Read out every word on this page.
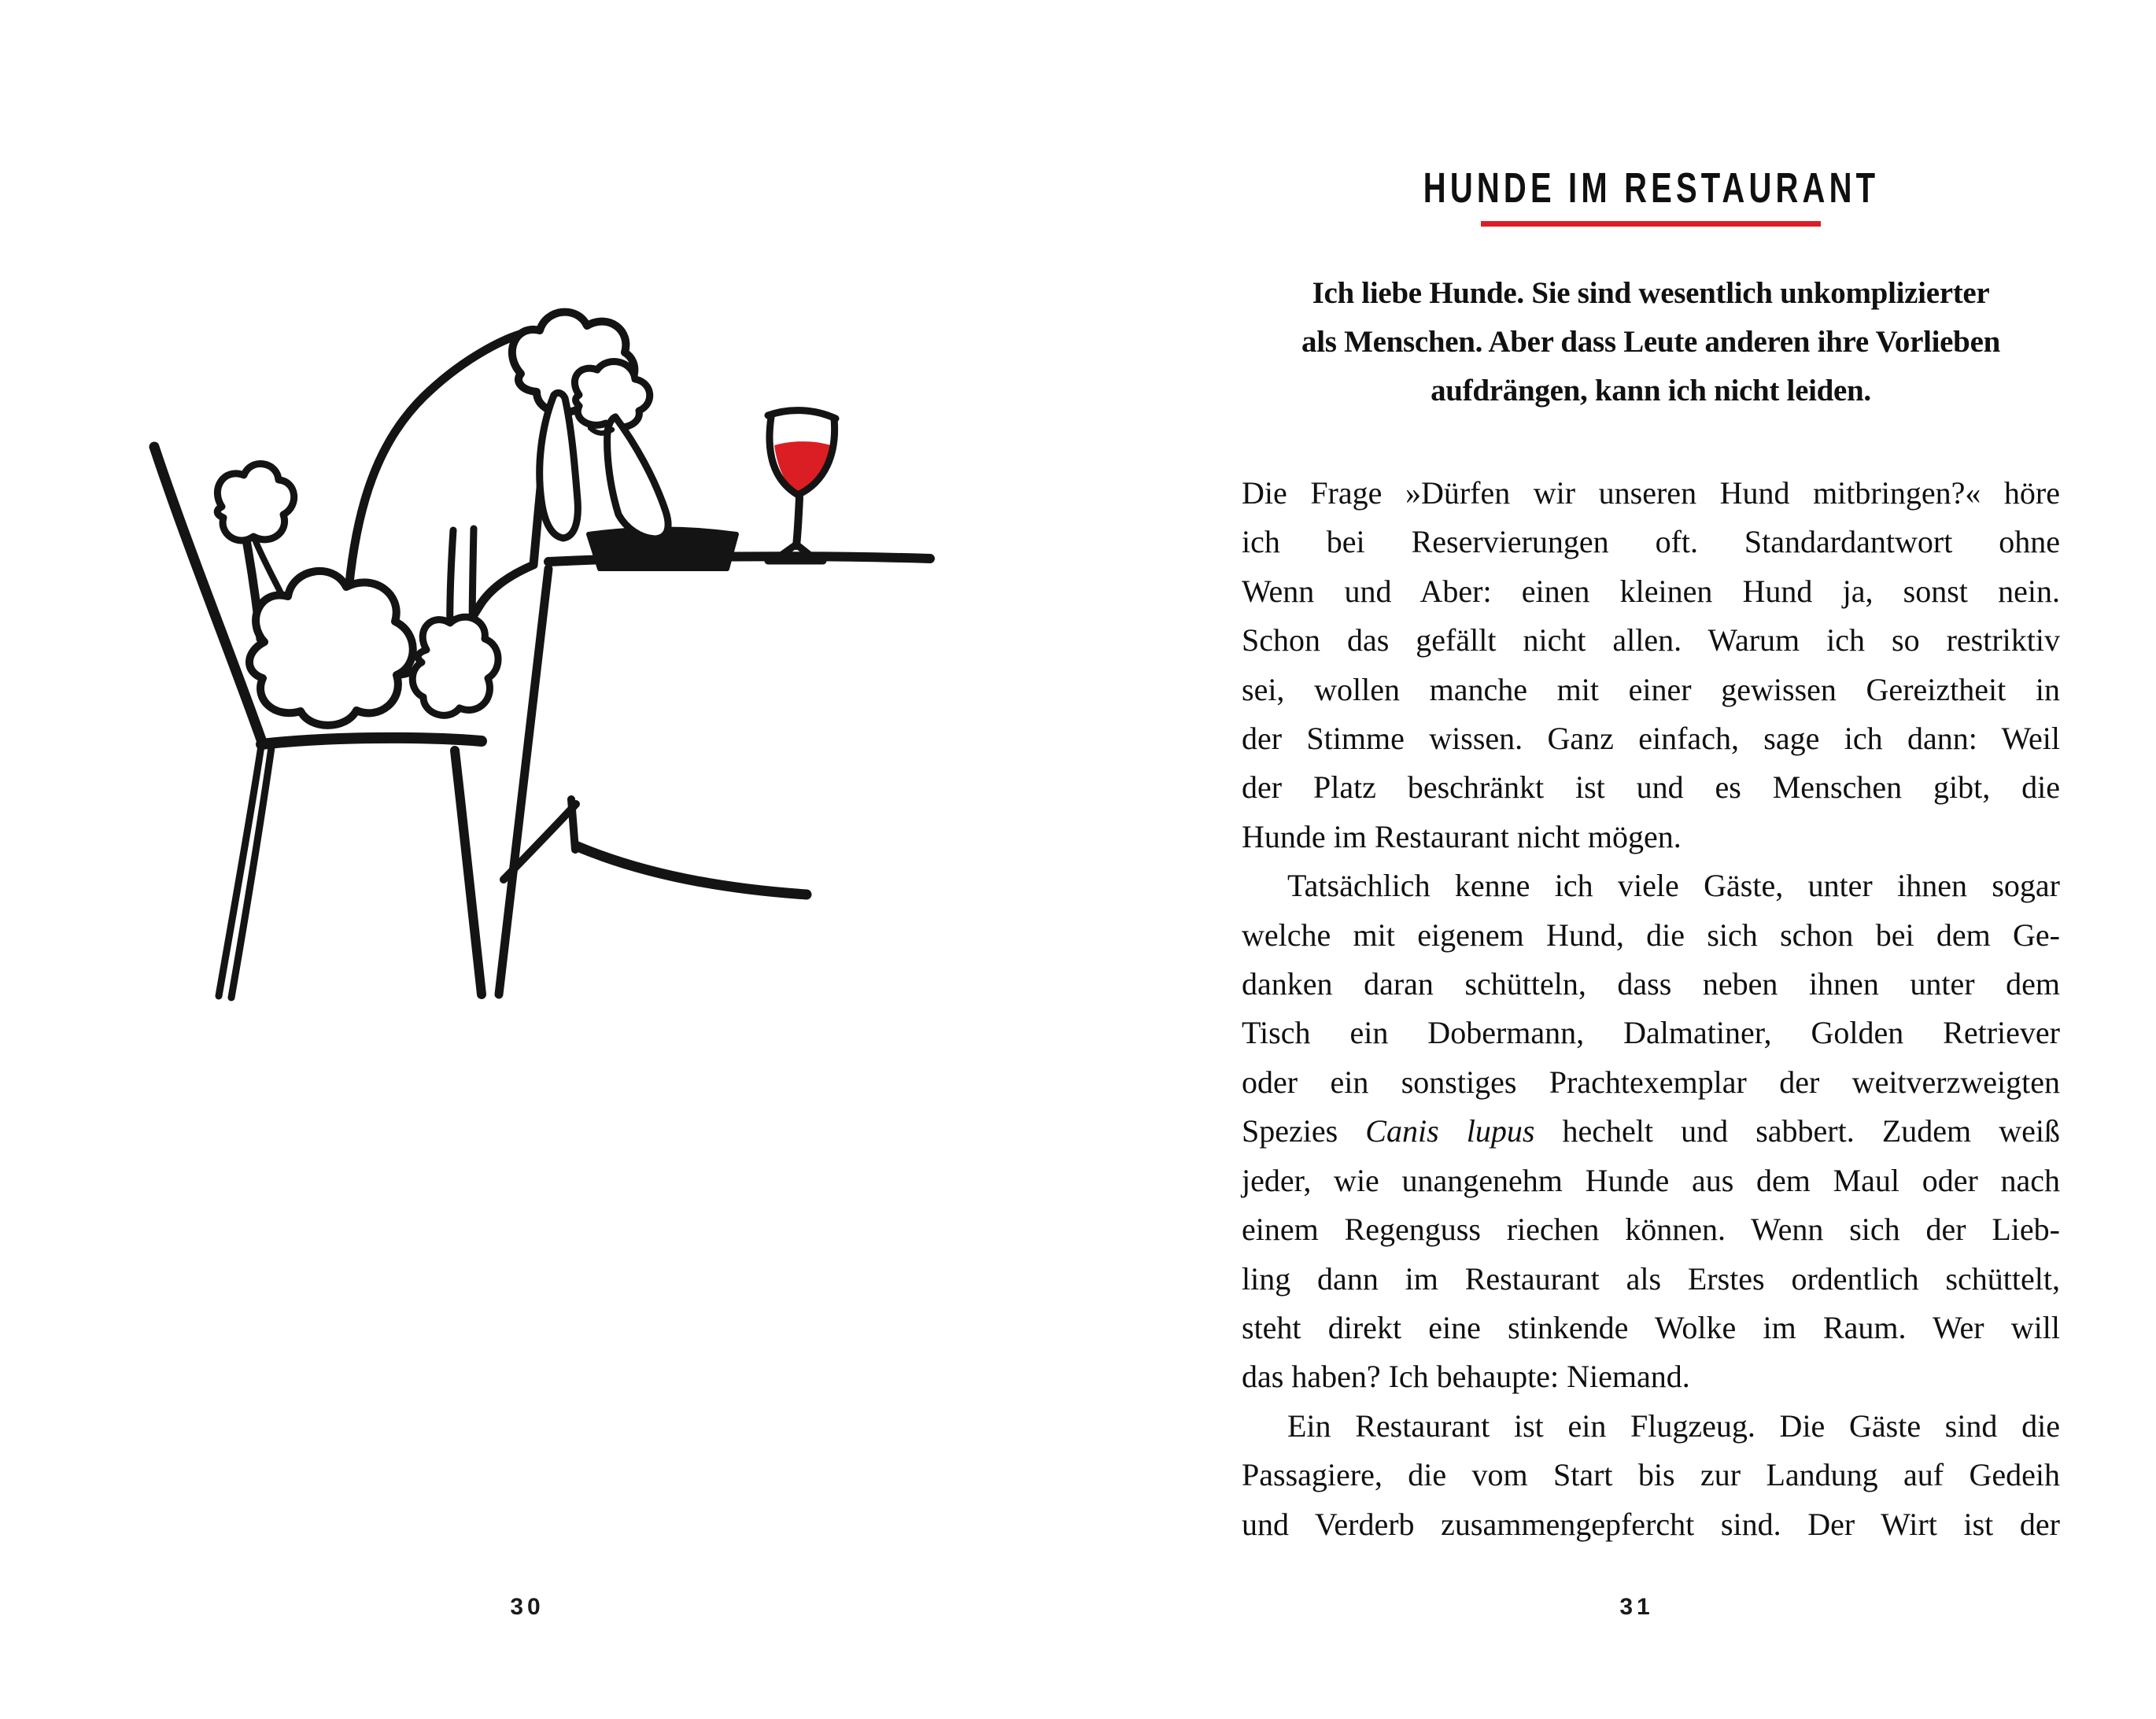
30
HUNDE IM RESTAURANT
Ich liebe Hunde. Sie sind wesentlich unkomplizierter
als Menschen. Aber dass Leute anderen ihre Vorlieben
aufdrängen, kann ich nicht leiden.
Die Frage »Dürfen wir unseren Hund mitbringen?« höre
ich bei Reservierungen oft. Standardantwort ohne
Wenn und Aber: einen kleinen Hund ja, sonst nein.
Schon das gefällt nicht allen. Warum ich so restriktiv
sei, wollen manche mit einer gewissen Gereiztheit in
der Stimme wissen. Ganz einfach, sage ich dann: Weil
der Platz beschränkt ist und es Menschen gibt, die
Hunde im Restaurant nicht mögen.
Tatsächlich kenne ich viele Gäste, unter ihnen sogar
welche mit eigenem Hund, die sich schon bei dem Ge-
danken daran schütteln, dass neben ihnen unter dem
Tisch ein Dobermann, Dalmatiner, Golden Retriever
oder ein sonstiges Prachtexemplar der weitverzweigten
Spezies Canis lupus hechelt und sabbert. Zudem weiß
jeder, wie unangenehm Hunde aus dem Maul oder nach
einem Regenguss riechen können. Wenn sich der Lieb-
ling dann im Restaurant als Erstes ordentlich schüttelt,
steht direkt eine stinkende Wolke im Raum. Wer will
das haben? Ich behaupte: Niemand.
Ein Restaurant ist ein Flugzeug. Die Gäste sind die
Passagiere, die vom Start bis zur Landung auf Gedeih
und Verderb zusammengepfercht sind. Der Wirt ist der
31
